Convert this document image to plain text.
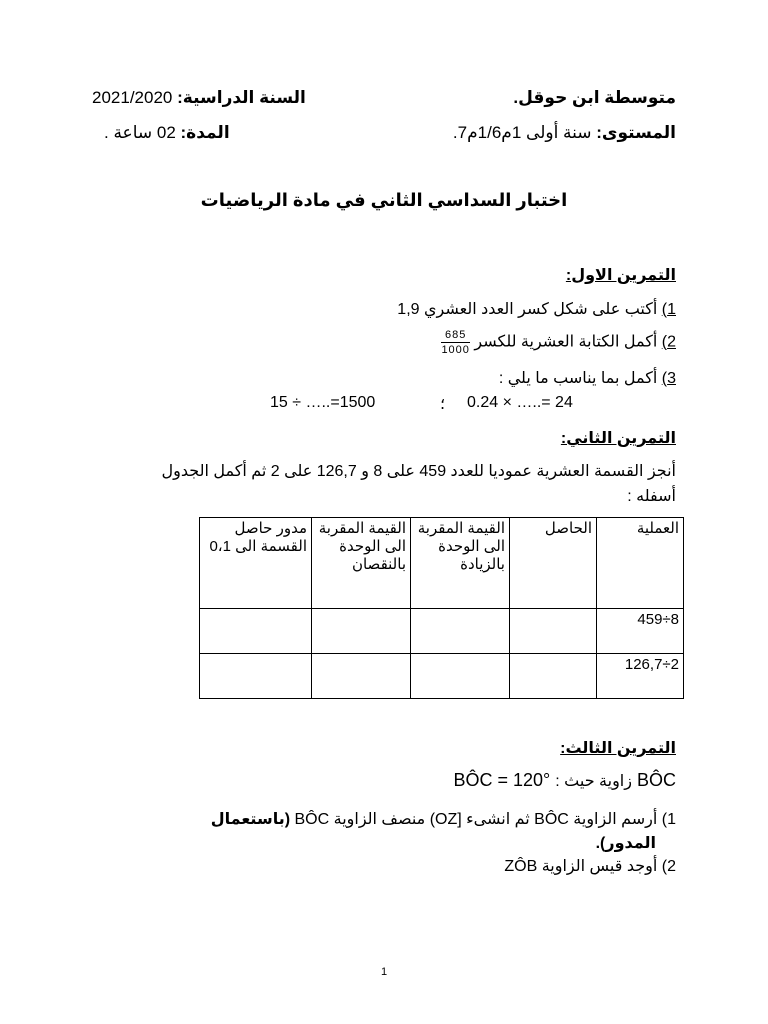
متوسطة ابن حوقل.
2021/2020 السنة الدراسية:
المستوى: سنة أولى 1م1/6م7.
المدة: 02 ساعة .
اختبار السداسي الثاني في مادة الرياضيات
التمرين الاول:
1) أكتب على شكل كسر العدد العشري 1,9
2) أكمل الكتابة العشرية للكسر
$\frac{685}{1000}$
3) أكمل بما يناسب ما يلي :
15 ÷ …..=1500	؛ 0.24 × …..= 24
التمرين الثاني:
أنجز القسمة العشرية عموديا للعدد 459 على 8 و 126,7 على 2 ثم أكمل الجدول
أسفله :
العملية	الحاصل	القيمة المقربة الى الوحدة بالزيادة	القيمة المقربة الى الوحدة بالنقصان	مدور حاصل القسمة الى 0،1
459÷8				
126,7÷2				
التمرين الثالث:
BÔC زاوية حيث : BÔC = 120°
1) أرسم الزاوية BÔC ثم انشىء [OZ) منصف الزاوية BÔC (باستعمال
المدور).
2) أوجد قيس الزاوية ZÔB
1
